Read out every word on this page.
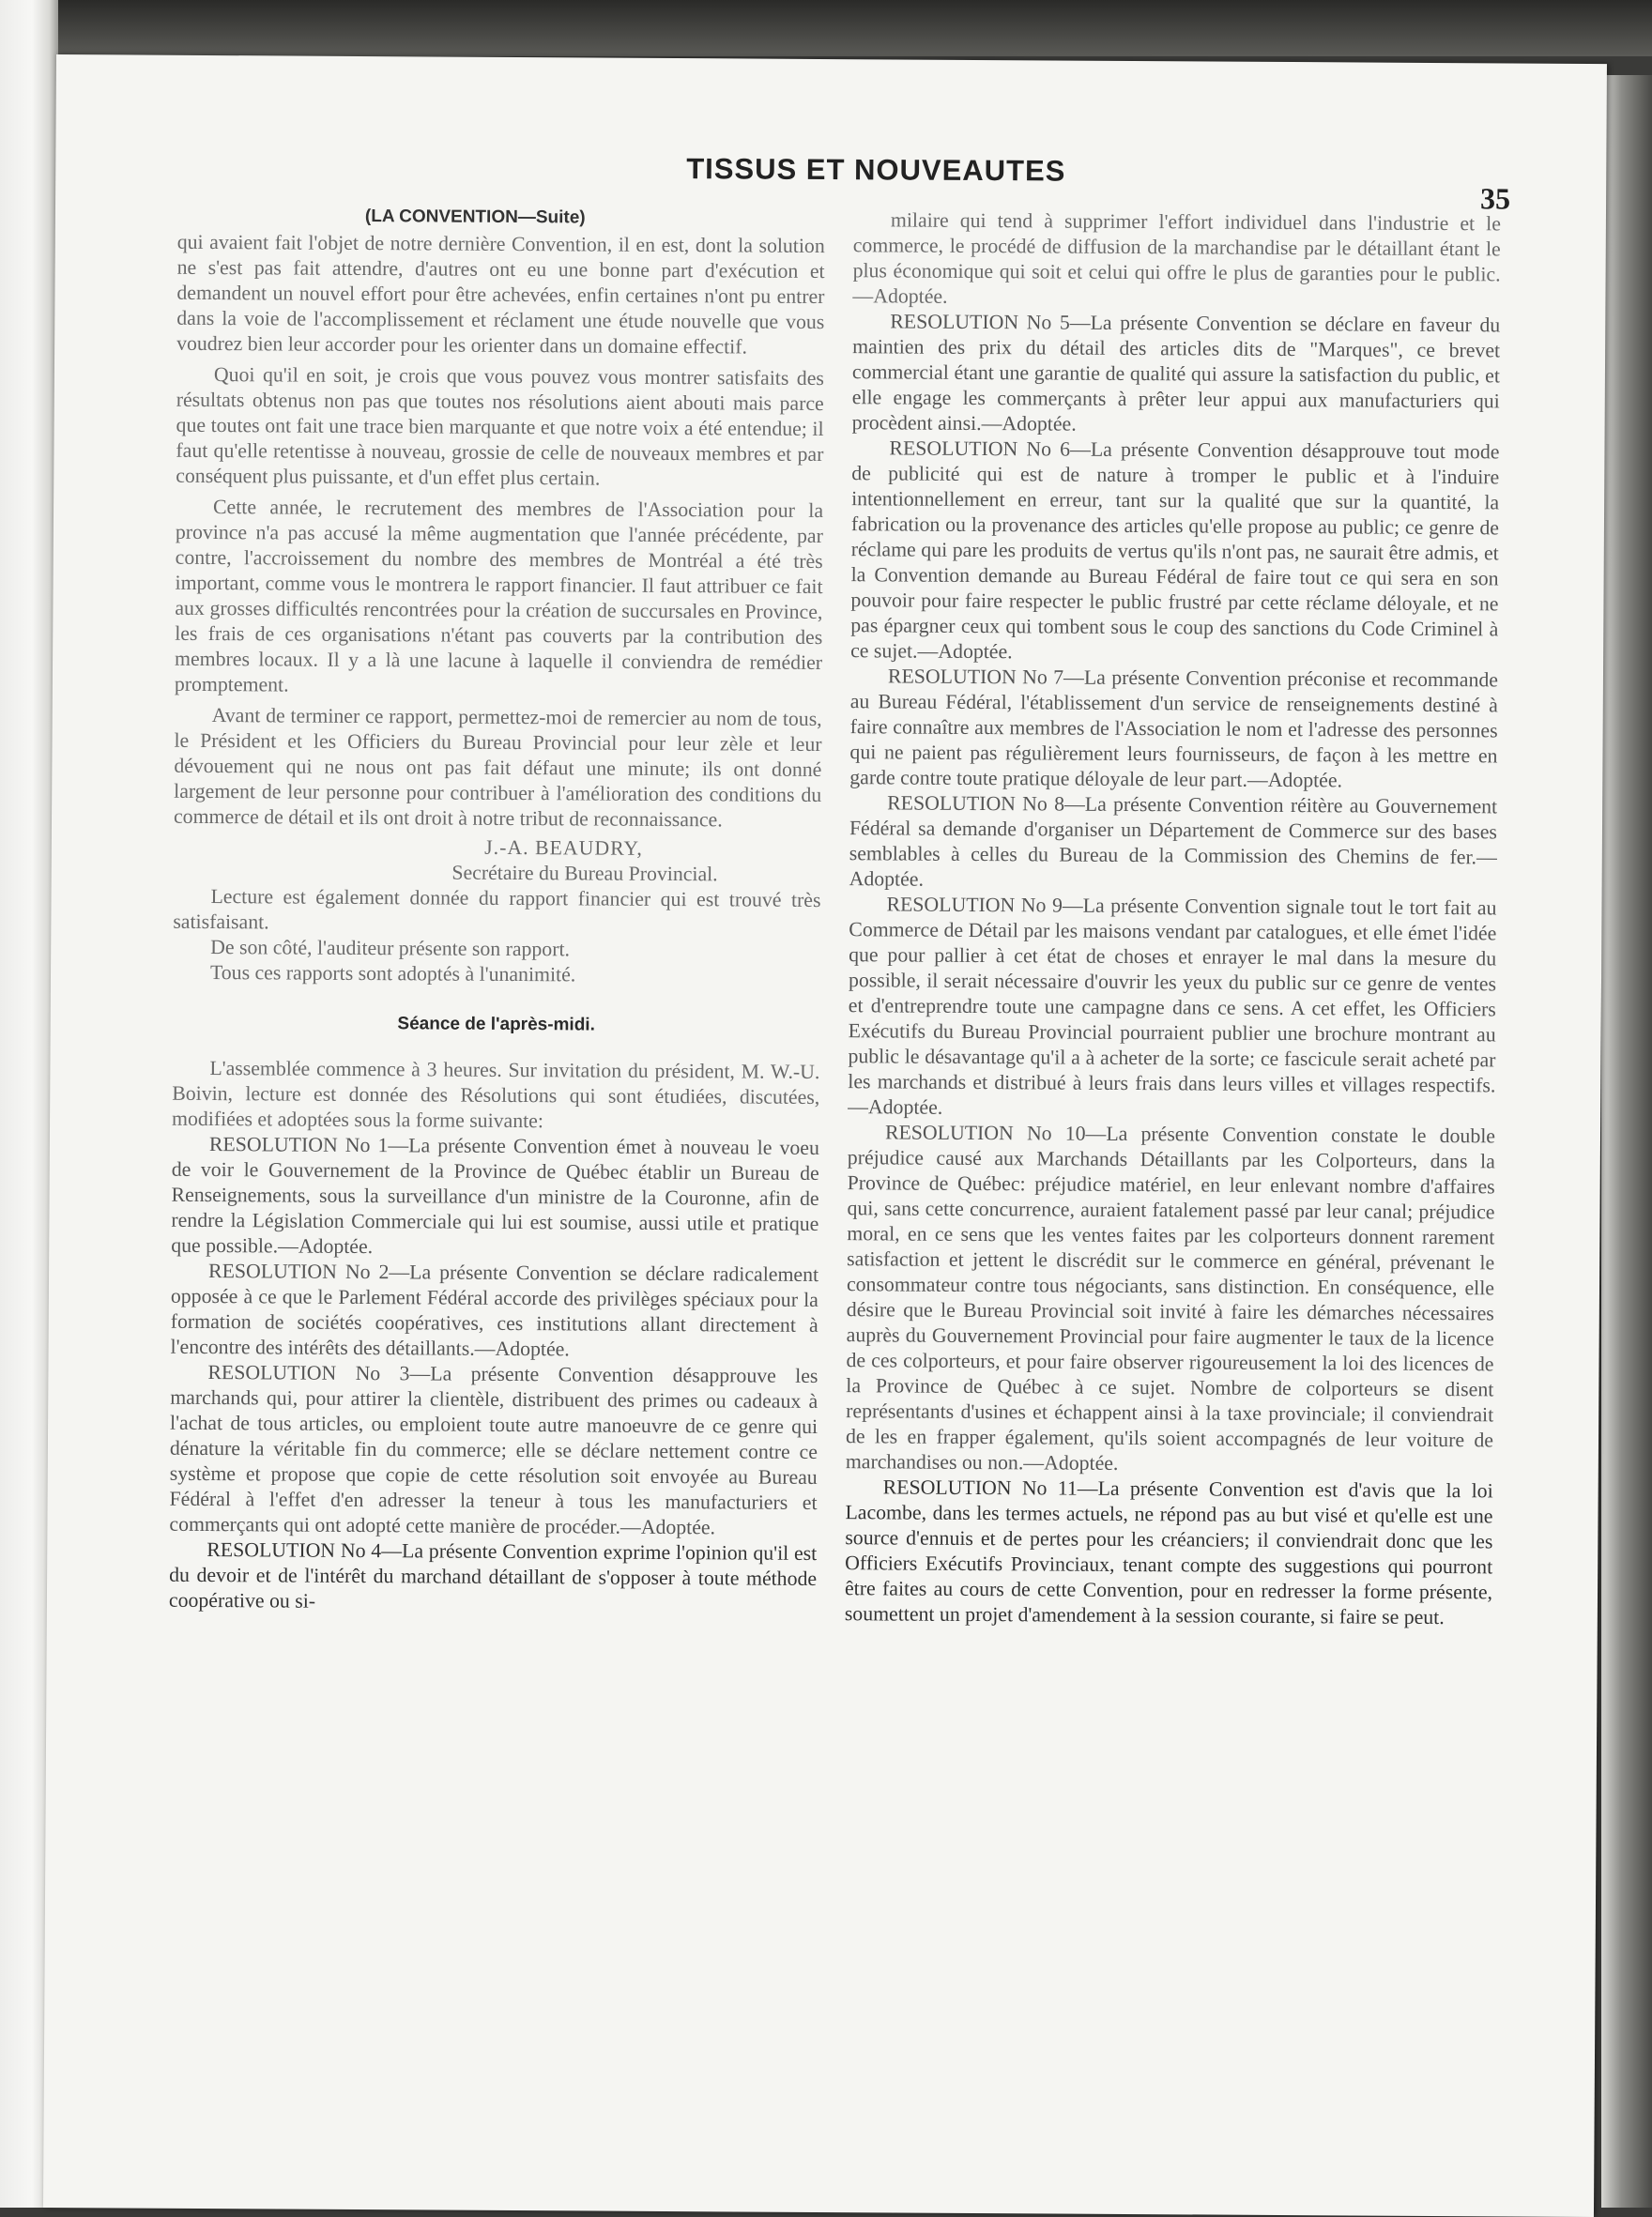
TISSUS ET NOUVEAUTES
35
(LA CONVENTION—Suite)

qui avaient fait l'objet de notre dernière Convention, il en est, dont la solution ne s'est pas fait attendre, d'autres ont eu une bonne part d'exécution et demandent un nouvel effort pour être achevées, enfin certaines n'ont pu entrer dans la voie de l'accomplissement et réclament une étude nouvelle que vous voudrez bien leur accorder pour les orienter dans un domaine effectif.

Quoi qu'il en soit, je crois que vous pouvez vous montrer satisfaits des résultats obtenus non pas que toutes nos résolutions aient abouti mais parce que toutes ont fait une trace bien marquante et que notre voix a été entendue; il faut qu'elle retentisse à nouveau, grossie de celle de nouveaux membres et par conséquent plus puissante, et d'un effet plus certain.

Cette année, le recrutement des membres de l'Association pour la province n'a pas accusé la même augmentation que l'année précédente, par contre, l'accroissement du nombre des membres de Montréal a été très important, comme vous le montrera le rapport financier. Il faut attribuer ce fait aux grosses difficultés rencontrées pour la création de succursales en Province, les frais de ces organisations n'étant pas couverts par la contribution des membres locaux. Il y a là une lacune à laquelle il conviendra de remédier promptement.

Avant de terminer ce rapport, permettez-moi de remercier au nom de tous, le Président et les Officiers du Bureau Provincial pour leur zèle et leur dévouement qui ne nous ont pas fait défaut une minute; ils ont donné largement de leur personne pour contribuer à l'amélioration des conditions du commerce de détail et ils ont droit à notre tribut de reconnaissance.

J.-A. BEAUDRY,
Secrétaire du Bureau Provincial.

Lecture est également donnée du rapport financier qui est trouvé très satisfaisant.

De son côté, l'auditeur présente son rapport.

Tous ces rapports sont adoptés à l'unanimité.

Séance de l'après-midi.

L'assemblée commence à 3 heures. Sur invitation du président, M. W.-U. Boivin, lecture est donnée des Résolutions qui sont étudiées, discutées, modifiées et adoptées sous la forme suivante:

RESOLUTION No 1—La présente Convention émet à nouveau le voeu de voir le Gouvernement de la Province de Québec établir un Bureau de Renseignements, sous la surveillance d'un ministre de la Couronne, afin de rendre la Législation Commerciale qui lui est soumise, aussi utile et pratique que possible.—Adoptée.

RESOLUTION No 2—La présente Convention se déclare radicalement opposée à ce que le Parlement Fédéral accorde des privilèges spéciaux pour la formation de sociétés coopératives, ces institutions allant directement à l'encontre des intérêts des détaillants.—Adoptée.

RESOLUTION No 3—La présente Convention désapprouve les marchands qui, pour attirer la clientèle, distribuent des primes ou cadeaux à l'achat de tous articles, ou emploient toute autre manoeuvre de ce genre qui dénature la véritable fin du commerce; elle se déclare nettement contre ce système et propose que copie de cette résolution soit envoyée au Bureau Fédéral à l'effet d'en adresser la teneur à tous les manufacturiers et commerçants qui ont adopté cette manière de procéder.—Adoptée.

RESOLUTION No 4—La présente Convention exprime l'opinion qu'il est du devoir et de l'intérêt du marchand détaillant de s'opposer à toute méthode coopérative ou si-

milaire qui tend à supprimer l'effort individuel dans l'industrie et le commerce, le procédé de diffusion de la marchandise par le détaillant étant le plus économique qui soit et celui qui offre le plus de garanties pour le public.—Adoptée.

RESOLUTION No 5—La présente Convention se déclare en faveur du maintien des prix du détail des articles dits de "Marques", ce brevet commercial étant une garantie de qualité qui assure la satisfaction du public, et elle engage les commerçants à prêter leur appui aux manufacturiers qui procèdent ainsi.—Adoptée.

RESOLUTION No 6—La présente Convention désapprouve tout mode de publicité qui est de nature à tromper le public et à l'induire intentionnellement en erreur, tant sur la qualité que sur la quantité, la fabrication ou la provenance des articles qu'elle propose au public; ce genre de réclame qui pare les produits de vertus qu'ils n'ont pas, ne saurait être admis, et la Convention demande au Bureau Fédéral de faire tout ce qui sera en son pouvoir pour faire respecter le public frustré par cette réclame déloyale, et ne pas épargner ceux qui tombent sous le coup des sanctions du Code Criminel à ce sujet.—Adoptée.

RESOLUTION No 7—La présente Convention préconise et recommande au Bureau Fédéral, l'établissement d'un service de renseignements destiné à faire connaître aux membres de l'Association le nom et l'adresse des personnes qui ne paient pas régulièrement leurs fournisseurs, de façon à les mettre en garde contre toute pratique déloyale de leur part.—Adoptée.

RESOLUTION No 8—La présente Convention réitère au Gouvernement Fédéral sa demande d'organiser un Département de Commerce sur des bases semblables à celles du Bureau de la Commission des Chemins de fer.—Adoptée.

RESOLUTION No 9—La présente Convention signale tout le tort fait au Commerce de Détail par les maisons vendant par catalogues, et elle émet l'idée que pour pallier à cet état de choses et enrayer le mal dans la mesure du possible, il serait nécessaire d'ouvrir les yeux du public sur ce genre de ventes et d'entreprendre toute une campagne dans ce sens. A cet effet, les Officiers Exécutifs du Bureau Provincial pourraient publier une brochure montrant au public le désavantage qu'il a à acheter de la sorte; ce fascicule serait acheté par les marchands et distribué à leurs frais dans leurs villes et villages respectifs.—Adoptée.

RESOLUTION No 10—La présente Convention constate le double préjudice causé aux Marchands Détaillants par les Colporteurs, dans la Province de Québec: préjudice matériel, en leur enlevant nombre d'affaires qui, sans cette concurrence, auraient fatalement passé par leur canal; préjudice moral, en ce sens que les ventes faites par les colporteurs donnent rarement satisfaction et jettent le discrédit sur le commerce en général, prévenant le consommateur contre tous négociants, sans distinction. En conséquence, elle désire que le Bureau Provincial soit invité à faire les démarches nécessaires auprès du Gouvernement Provincial pour faire augmenter le taux de la licence de ces colporteurs, et pour faire observer rigoureusement la loi des licences de la Province de Québec à ce sujet. Nombre de colporteurs se disent représentants d'usines et échappent ainsi à la taxe provinciale; il conviendrait de les en frapper également, qu'ils soient accompagnés de leur voiture de marchandises ou non.—Adoptée.

RESOLUTION No 11—La présente Convention est d'avis que la loi Lacombe, dans les termes actuels, ne répond pas au but visé et qu'elle est une source d'ennuis et de pertes pour les créanciers; il conviendrait donc que les Officiers Exécutifs Provinciaux, tenant compte des suggestions qui pourront être faites au cours de cette Convention, pour en redresser la forme présente, soumettent un projet d'amendement à la session courante, si faire se peut.
